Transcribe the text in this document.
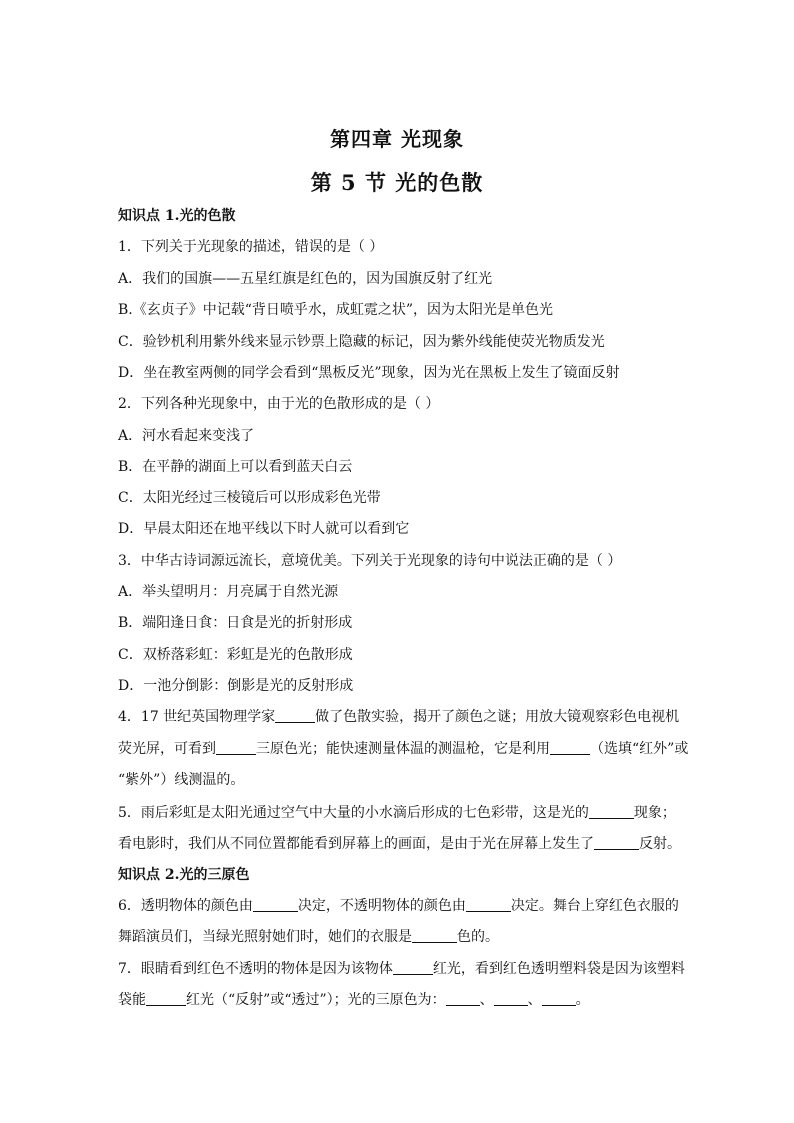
第四章 光现象
第 5 节 光的色散
知识点 1.光的色散
1．下列关于光现象的描述，错误的是（ ）
A．我们的国旗——五星红旗是红色的，因为国旗反射了红光
B.《玄贞子》中记载“背日喷乎水，成虹霓之状”，因为太阳光是单色光
C．验钞机利用紫外线来显示钞票上隐藏的标记，因为紫外线能使荧光物质发光
D．坐在教室两侧的同学会看到“黑板反光”现象，因为光在黑板上发生了镜面反射
2．下列各种光现象中，由于光的色散形成的是（ ）
A．河水看起来变浅了
B．在平静的湖面上可以看到蓝天白云
C．太阳光经过三棱镜后可以形成彩色光带
D．早晨太阳还在地平线以下时人就可以看到它
3．中华古诗词源远流长，意境优美。下列关于光现象的诗句中说法正确的是（ ）
A．举头望明月：月亮属于自然光源
B．端阳逢日食：日食是光的折射形成
C．双桥落彩虹：彩虹是光的色散形成
D．一池分倒影：倒影是光的反射形成
4．17 世纪英国物理学家	做了色散实验，揭开了颜色之谜；用放大镜观察彩色电视机
荧光屏，可看到	三原色光；能快速测量体温的测温枪，它是利用	（选填“红外”或
“紫外”）线测温的。
5．雨后彩虹是太阳光通过空气中大量的小水滴后形成的七色彩带，这是光的	现象；
看电影时，我们从不同位置都能看到屏幕上的画面，是由于光在屏幕上发生了	反射。
知识点 2.光的三原色
6．透明物体的颜色由	决定，不透明物体的颜色由	决定。舞台上穿红色衣服的
舞蹈演员们，当绿光照射她们时，她们的衣服是	色的。
7．眼睛看到红色不透明的物体是因为该物体	红光，看到红色透明塑料袋是因为该塑料
袋能	红光（“反射”或“透过”）；光的三原色为： 、 、 。
